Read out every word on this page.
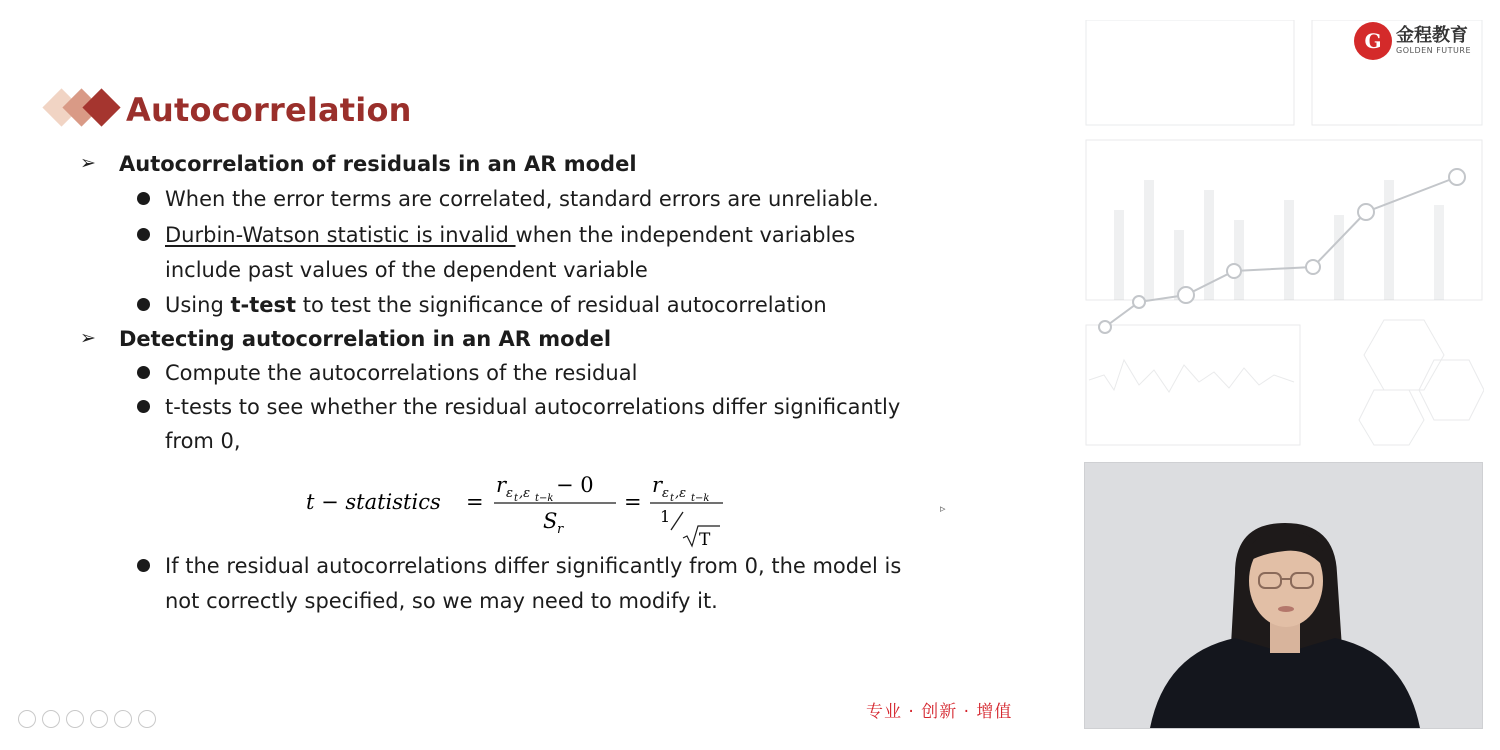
Autocorrelation
➢ Autocorrelation of residuals in an AR model
When the error terms are correlated, standard errors are unreliable.
Durbin-Watson statistic is invalid when the independent variables
include past values of the dependent variable
Using t-test to test the significance of residual autocorrelation
➢ Detecting autocorrelation in an AR model
Compute the autocorrelations of the residual
t-tests to see whether the residual autocorrelations differ significantly
from 0,
t − statistics =
r ε t ,ε t−k
− 0
S r
=
r ε t ,ε t−k
1
T
If the residual autocorrelations differ significantly from 0, the model is
not correctly specified, so we may need to modify it.
▹
G 金程教育
GOLDEN FUTURE
专业 · 创新 · 增值
